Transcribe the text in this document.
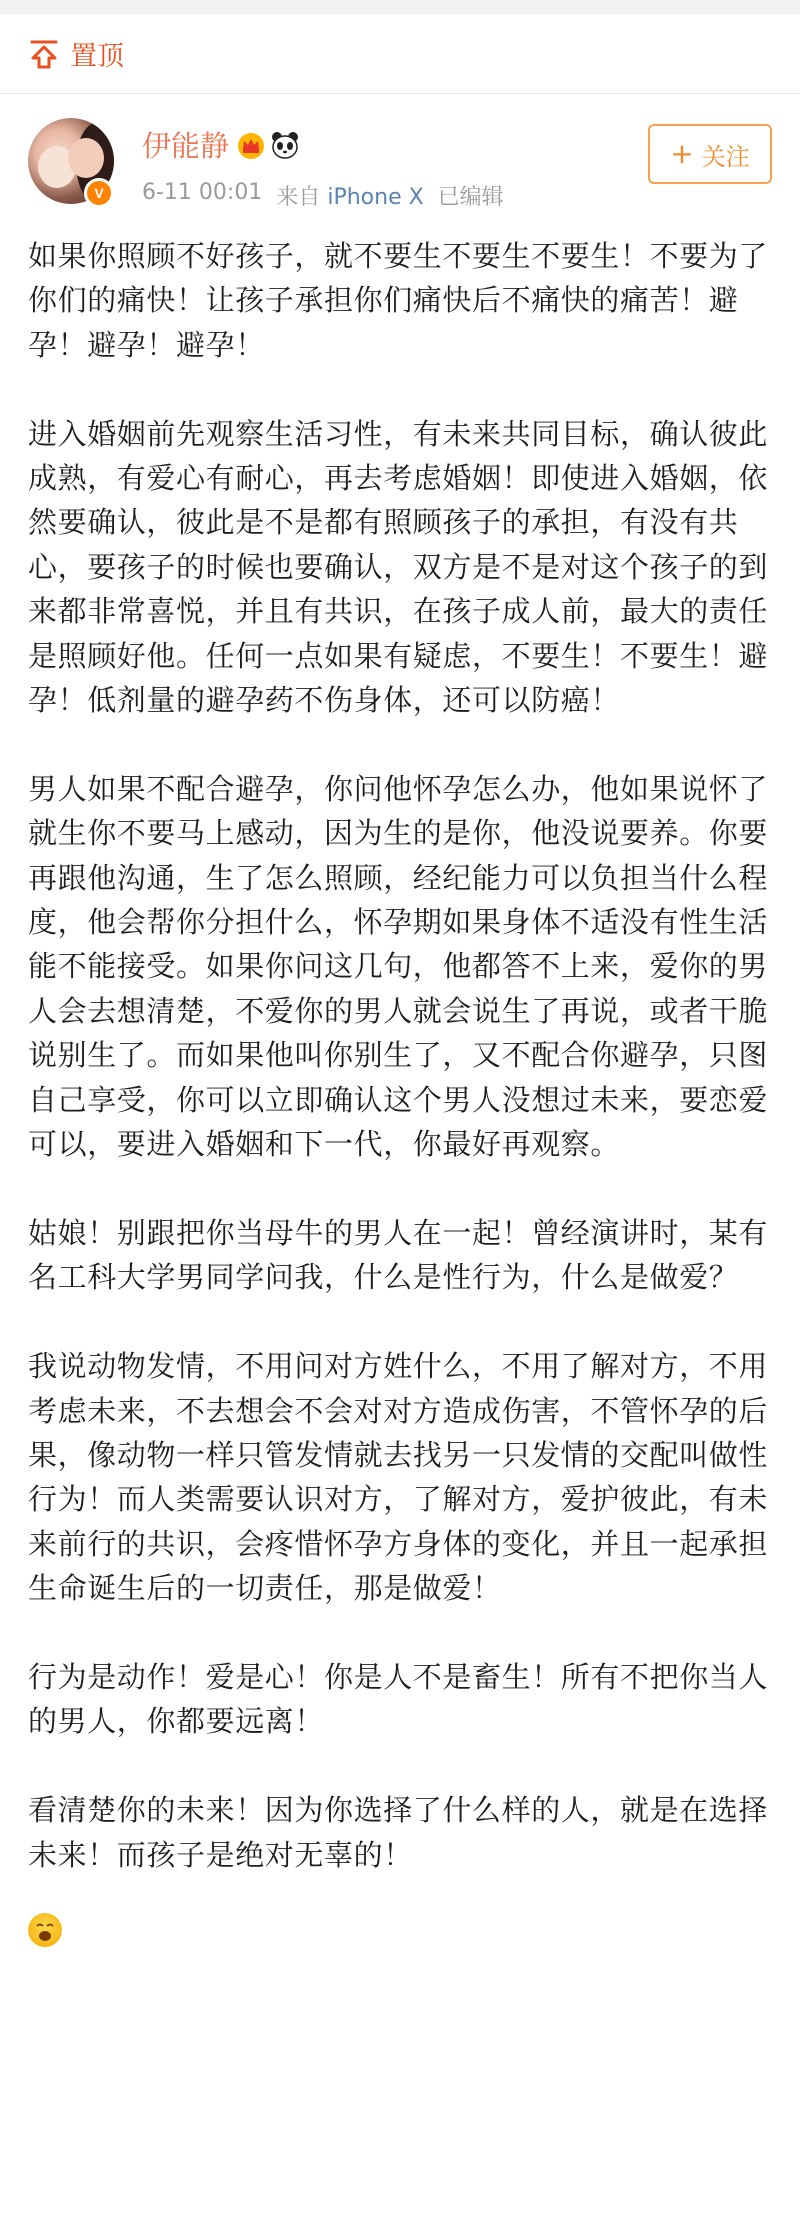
置顶
V
伊能静
6-11 00:01 来自 iPhone X 已编辑
+ 关注

如果你照顾不好孩子，就不要生不要生不要生！不要为了你们的痛快！让孩子承担你们痛快后不痛快的痛苦！避孕！避孕！避孕！

进入婚姻前先观察生活习性，有未来共同目标，确认彼此成熟，有爱心有耐心，再去考虑婚姻！即使进入婚姻，依然要确认，彼此是不是都有照顾孩子的承担，有没有共心，要孩子的时候也要确认，双方是不是对这个孩子的到来都非常喜悦，并且有共识，在孩子成人前，最大的责任是照顾好他。任何一点如果有疑虑，不要生！不要生！避孕！低剂量的避孕药不伤身体，还可以防癌！

男人如果不配合避孕，你问他怀孕怎么办，他如果说怀了就生你不要马上感动，因为生的是你，他没说要养。你要再跟他沟通，生了怎么照顾，经纪能力可以负担当什么程度，他会帮你分担什么，怀孕期如果身体不适没有性生活能不能接受。如果你问这几句，他都答不上来，爱你的男人会去想清楚，不爱你的男人就会说生了再说，或者干脆说别生了。而如果他叫你别生了，又不配合你避孕，只图自己享受，你可以立即确认这个男人没想过未来，要恋爱可以，要进入婚姻和下一代，你最好再观察。

姑娘！别跟把你当母牛的男人在一起！曾经演讲时，某有名工科大学男同学问我，什么是性行为，什么是做爱？

我说动物发情，不用问对方姓什么，不用了解对方，不用考虑未来，不去想会不会对对方造成伤害，不管怀孕的后果，像动物一样只管发情就去找另一只发情的交配叫做性行为！而人类需要认识对方，了解对方，爱护彼此，有未来前行的共识，会疼惜怀孕方身体的变化，并且一起承担生命诞生后的一切责任，那是做爱！

行为是动作！爱是心！你是人不是畜生！所有不把你当人的男人，你都要远离！

看清楚你的未来！因为你选择了什么样的人，就是在选择未来！而孩子是绝对无辜的！
